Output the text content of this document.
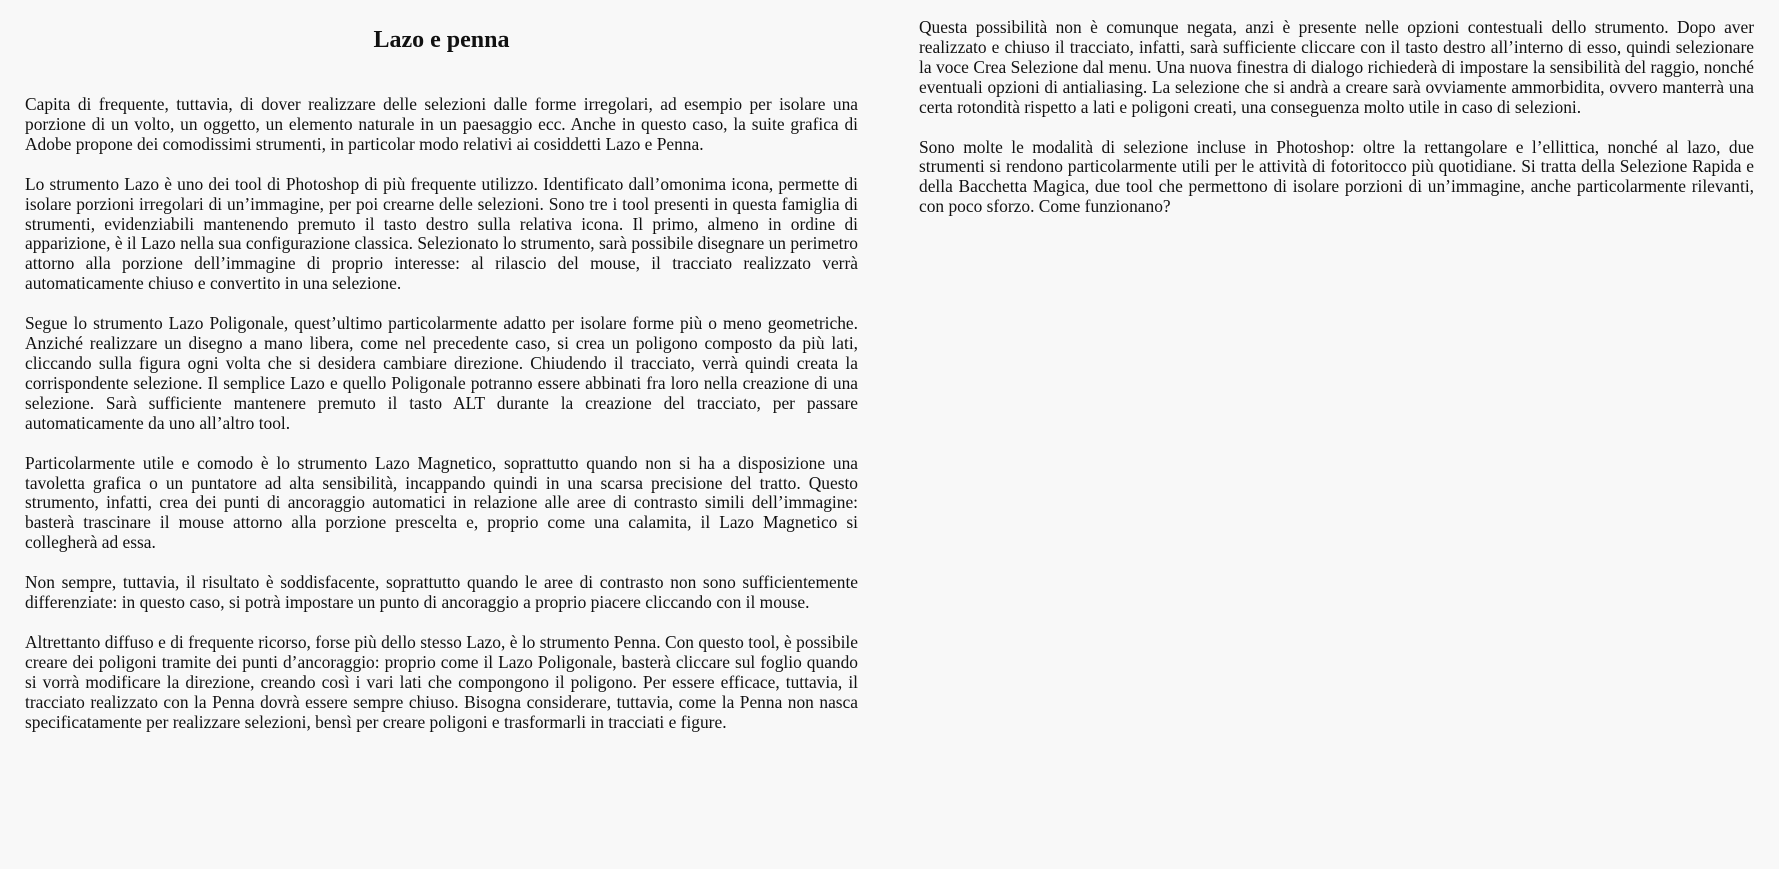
Lazo e penna

Capita di frequente, tuttavia, di dover realizzare delle selezioni dalle forme irregolari, ad esempio per isolare una porzione di un volto, un oggetto, un elemento naturale in un paesaggio ecc. Anche in questo caso, la suite grafica di Adobe propone dei comodissimi strumenti, in particolar modo relativi ai cosiddetti Lazo e Penna.

Lo strumento Lazo è uno dei tool di Photoshop di più frequente utilizzo. Identificato dall’omonima icona, permette di isolare porzioni irregolari di un’immagine, per poi crearne delle selezioni. Sono tre i tool presenti in questa famiglia di strumenti, evidenziabili mantenendo premuto il tasto destro sulla relativa icona. Il primo, almeno in ordine di apparizione, è il Lazo nella sua configurazione classica. Selezionato lo strumento, sarà possibile disegnare un perimetro attorno alla porzione dell’immagine di proprio interesse: al rilascio del mouse, il tracciato realizzato verrà automaticamente chiuso e convertito in una selezione.

Segue lo strumento Lazo Poligonale, quest’ultimo particolarmente adatto per isolare forme più o meno geometriche. Anziché realizzare un disegno a mano libera, come nel precedente caso, si crea un poligono composto da più lati, cliccando sulla figura ogni volta che si desidera cambiare direzione. Chiudendo il tracciato, verrà quindi creata la corrispondente selezione. Il semplice Lazo e quello Poligonale potranno essere abbinati fra loro nella creazione di una selezione. Sarà sufficiente mantenere premuto il tasto ALT durante la creazione del tracciato, per passare automaticamente da uno all’altro tool.

Particolarmente utile e comodo è lo strumento Lazo Magnetico, soprattutto quando non si ha a disposizione una tavoletta grafica o un puntatore ad alta sensibilità, incappando quindi in una scarsa precisione del tratto. Questo strumento, infatti, crea dei punti di ancoraggio automatici in relazione alle aree di contrasto simili dell’immagine: basterà trascinare il mouse attorno alla porzione prescelta e, proprio come una calamita, il Lazo Magnetico si collegherà ad essa.

Non sempre, tuttavia, il risultato è soddisfacente, soprattutto quando le aree di contrasto non sono sufficientemente differenziate: in questo caso, si potrà impostare un punto di ancoraggio a proprio piacere cliccando con il mouse.

Altrettanto diffuso e di frequente ricorso, forse più dello stesso Lazo, è lo strumento Penna. Con questo tool, è possibile creare dei poligoni tramite dei punti d’ancoraggio: proprio come il Lazo Poligonale, basterà cliccare sul foglio quando si vorrà modificare la direzione, creando così i vari lati che compongono il poligono. Per essere efficace, tuttavia, il tracciato realizzato con la Penna dovrà essere sempre chiuso. Bisogna considerare, tuttavia, come la Penna non nasca specificatamente per realizzare selezioni, bensì per creare poligoni e trasformarli in tracciati e figure.

Questa possibilità non è comunque negata, anzi è presente nelle opzioni contestuali dello strumento. Dopo aver realizzato e chiuso il tracciato, infatti, sarà sufficiente cliccare con il tasto destro all’interno di esso, quindi selezionare la voce Crea Selezione dal menu. Una nuova finestra di dialogo richiederà di impostare la sensibilità del raggio, nonché eventuali opzioni di antialiasing. La selezione che si andrà a creare sarà ovviamente ammorbidita, ovvero manterrà una certa rotondità rispetto a lati e poligoni creati, una conseguenza molto utile in caso di selezioni.

Sono molte le modalità di selezione incluse in Photoshop: oltre la rettangolare e l’ellittica, nonché al lazo, due strumenti si rendono particolarmente utili per le attività di fotoritocco più quotidiane. Si tratta della Selezione Rapida e della Bacchetta Magica, due tool che permettono di isolare porzioni di un’immagine, anche particolarmente rilevanti, con poco sforzo. Come funzionano?
